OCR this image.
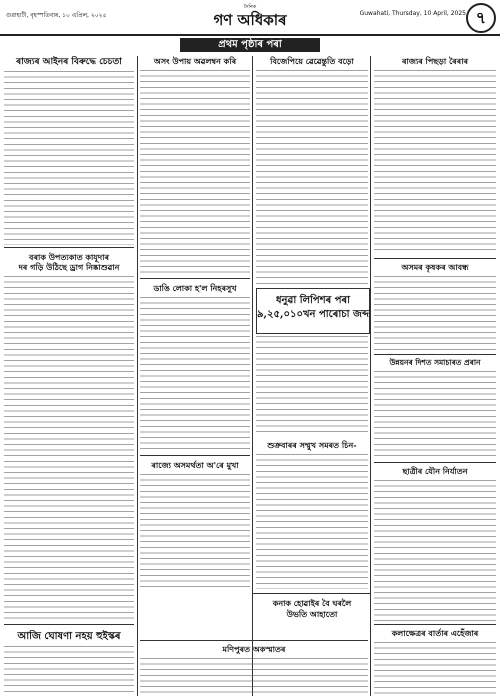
গুৱাহাটী, বৃহস্পতিবাৰ, ১০ এপ্ৰিল, ২০২৫
দৈনিক
গণ অধিকাৰ	Guwahati, Thursday, 10 April, 2025 ৭
প্ৰথম পৃষ্ঠাৰ পৰা
ৰাজ্যৰ আইনৰ বিৰুদ্ধে চেচতা
বৰাক উপত্যকাত কাযূদাৰ
দৰ গড়ি উঠিছে ড্ৰাগ নিষ্কাশুৱান
আজি ঘোষণা নহয় হুইস্কৰ
অসং উপায় অৱলম্বন কৰি
ডাঙি লোকা হ'ল নিহৰসুখ
ৰাজ্যে অসমৰ্থতা অ'ৰে মুখা
বিজেপিয়ে ৱেৱেন্তুতি বড়ো
ধনুৱা লিপিশৰ পৰা
৯,২৫,০১০খন পাৰোচা জব্দ
শুক্ৰবাৰৰ সম্মুখ সমৰত চিন-
কনাক হোৱাইৰ বৈ ঘৰলৈ
উভতি আহাতো
মণিপুৰত অকস্মাতৰ
ৰাজ্যৰ পিছড়া ৰৈৰাৰ
অসমৰ কৃষকৰ আবন্ধ
উন্নয়নৰ দিশত সমাচাৰত প্ৰৰান
ছাত্ৰীৰ যৌন নিৰ্যাতন
কলাক্ষেত্ৰৰ বাৰ্তাৰ এহেঁজাৰ
